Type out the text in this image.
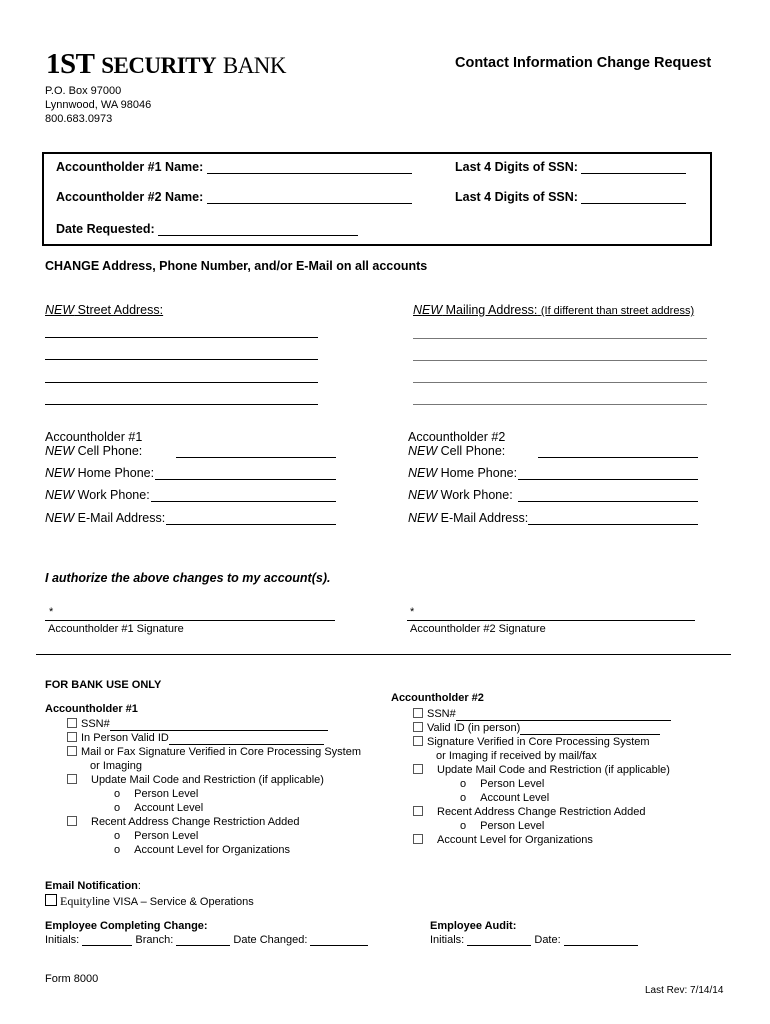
1ST SECURITY BANK	Contact Information Change Request
P.O. Box 97000
Lynnwood, WA 98046
800.683.0973
Accountholder #1 Name:	Last 4 Digits of SSN:
Accountholder #2 Name:	Last 4 Digits of SSN:
Date Requested:
CHANGE Address, Phone Number, and/or E-Mail on all accounts
NEW Street Address:	NEW Mailing Address: (If different than street address)
Accountholder #1	Accountholder #2
NEW Cell Phone:	NEW Cell Phone:
NEW Home Phone:	NEW Home Phone:
NEW Work Phone:	NEW Work Phone:
NEW E-Mail Address:	NEW E-Mail Address:
I authorize the above changes to my account(s).
*
Accountholder #1 Signature
*
Accountholder #2 Signature
FOR BANK USE ONLY
Accountholder #1
SSN#
In Person Valid ID
Mail or Fax Signature Verified in Core Processing System
or Imaging
Update Mail Code and Restriction (if applicable)
o Person Level
o Account Level
Recent Address Change Restriction Added
o Person Level
o Account Level for Organizations
Accountholder #2
SSN#
Valid ID (in person)
Signature Verified in Core Processing System
or Imaging if received by mail/fax
Update Mail Code and Restriction (if applicable)
o Person Level
o Account Level
Recent Address Change Restriction Added
o Person Level
Account Level for Organizations
Email Notification:
Equityline VISA – Service & Operations
Employee Completing Change:
Initials:	Branch:	Date Changed:
Employee Audit:
Initials:	Date:
Form 8000
Last Rev: 7/14/14
